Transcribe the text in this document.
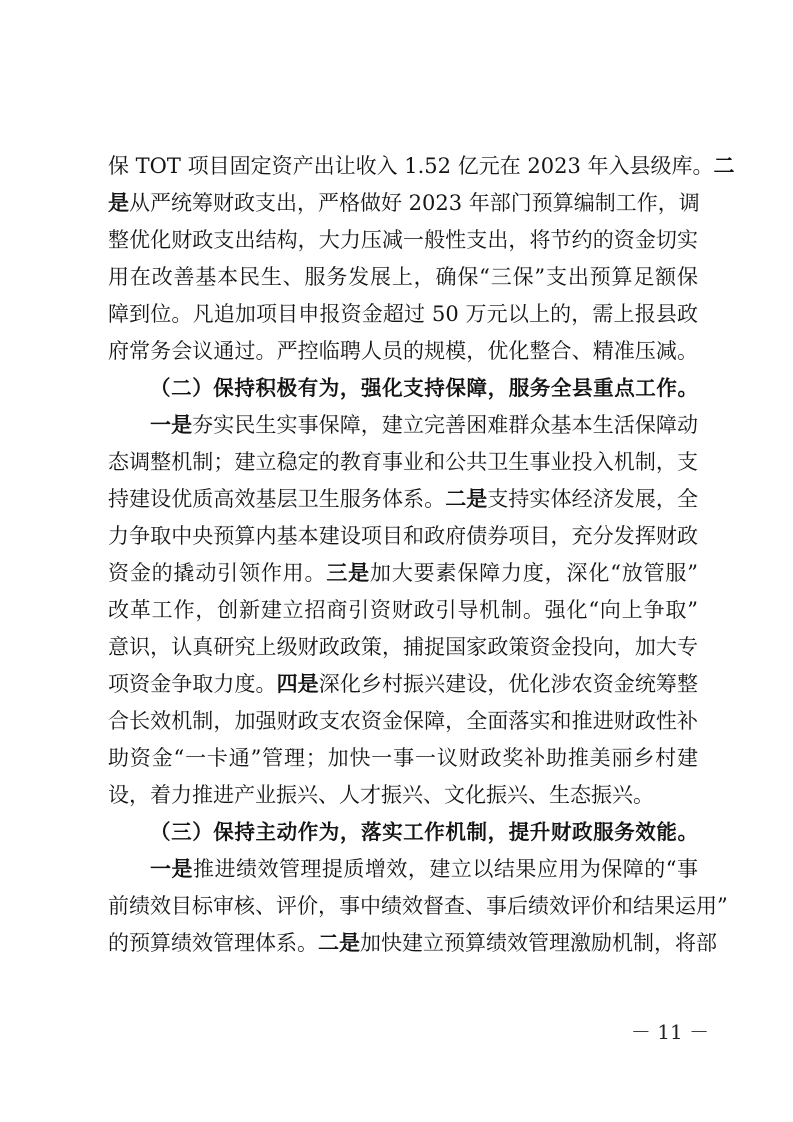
保 TOT 项目固定资产出让收入 1.52 亿元在 2023 年入县级库。二
是从严统筹财政支出，严格做好 2023 年部门预算编制工作，调
整优化财政支出结构，大力压减一般性支出，将节约的资金切实
用在改善基本民生、服务发展上，确保“三保”支出预算足额保
障到位。凡追加项目申报资金超过 50 万元以上的，需上报县政
府常务会议通过。严控临聘人员的规模，优化整合、精准压减。
（二）保持积极有为，强化支持保障，服务全县重点工作。
一是夯实民生实事保障，建立完善困难群众基本生活保障动
态调整机制；建立稳定的教育事业和公共卫生事业投入机制，支
持建设优质高效基层卫生服务体系。二是支持实体经济发展，全
力争取中央预算内基本建设项目和政府债券项目，充分发挥财政
资金的撬动引领作用。三是加大要素保障力度，深化“放管服”
改革工作，创新建立招商引资财政引导机制。强化“向上争取”
意识，认真研究上级财政政策，捕捉国家政策资金投向，加大专
项资金争取力度。四是深化乡村振兴建设，优化涉农资金统筹整
合长效机制，加强财政支农资金保障，全面落实和推进财政性补
助资金“一卡通”管理；加快一事一议财政奖补助推美丽乡村建
设，着力推进产业振兴、人才振兴、文化振兴、生态振兴。
（三）保持主动作为，落实工作机制，提升财政服务效能。
一是推进绩效管理提质增效，建立以结果应用为保障的“事
前绩效目标审核、评价，事中绩效督查、事后绩效评价和结果运用”
的预算绩效管理体系。二是加快建立预算绩效管理激励机制，将部
－ 11 －
